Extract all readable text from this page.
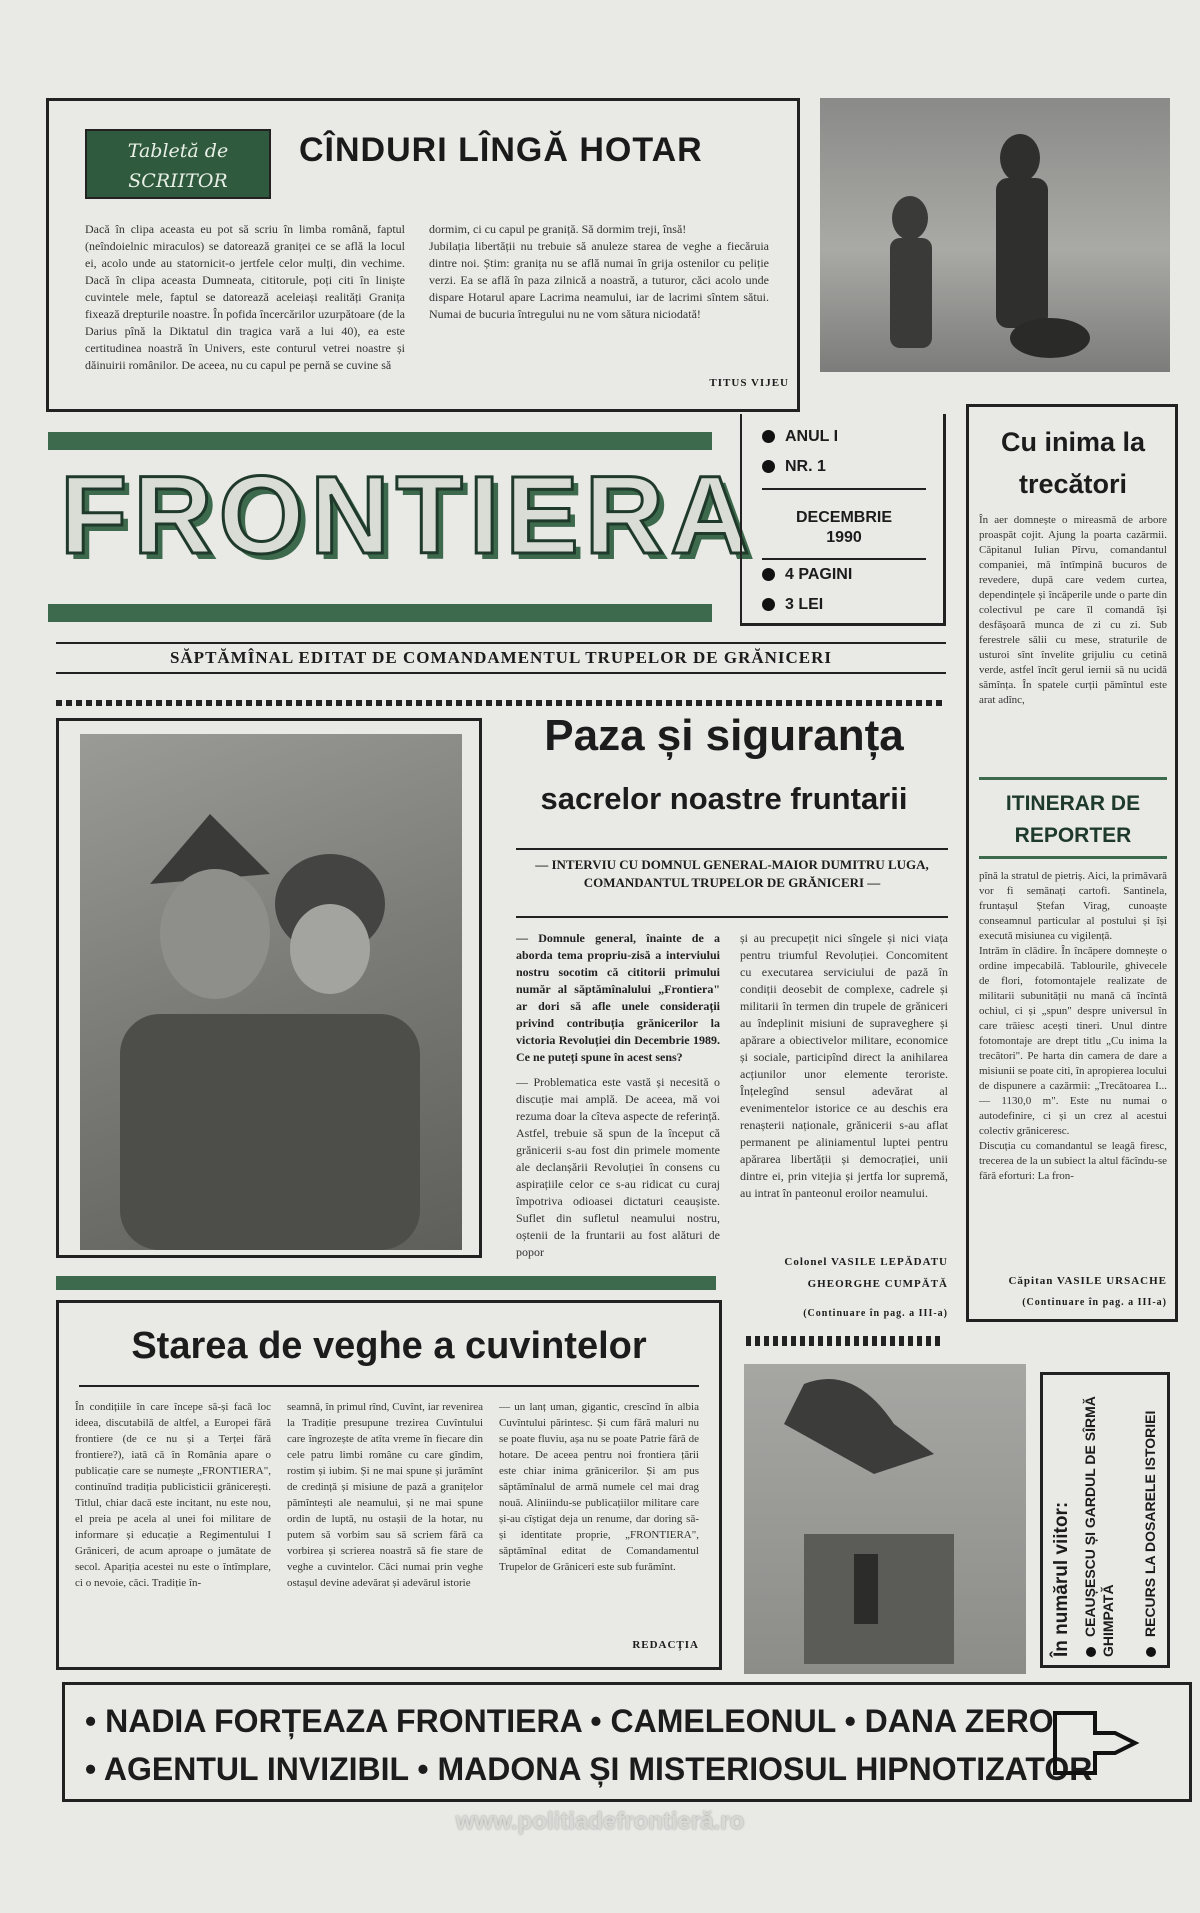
Tabletă de SCRIITOR
CÎNDURI LÎNGĂ HOTAR
Dacă în clipa aceasta eu pot să scriu în limba română, faptul (neîndoielnic miraculos) se datorează graniței ce se află la locul ei, acolo unde au statornicit-o jertfele celor mulți, din vechime. Dacă în clipa aceasta Dumneata, cititorule, poți citi în liniște cuvintele mele, faptul se datorează aceleiași realități Granița fixează drepturile noastre. În pofida încercărilor uzurpătoare (de la Darius pînă la Diktatul din tragica vară a lui 40), ea este certitudinea noastră în Univers, este conturul vetrei noastre și dăinuirii românilor. De aceea, nu cu capul pe pernă se cuvine să
dormim, ci cu capul pe graniță. Să dormim treji, însă!
Jubilația libertății nu trebuie să anuleze starea de veghe a fiecăruia dintre noi. Știm: granița nu se află numai în grija ostenilor cu peliție verzi. Ea se află în paza zilnică a noastră, a tuturor, căci acolo unde dispare Hotarul apare Lacrima neamului, iar de lacrimi sîntem sătui. Numai de bucuria întregului nu ne vom sătura niciodată!
TITUS VIJEU
FRONTIERA
ANUL I
NR. 1
DECEMBRIE 1990
4 PAGINI
3 LEI
SĂPTĂMÎNAL EDITAT DE COMANDAMENTUL TRUPELOR DE GRĂNICERI
Cu inima la trecători
În aer domnește o mireasmă de arbore proaspăt cojit. Ajung la poarta cazărmii. Căpitanul Iulian Pîrvu, comandantul companiei, mă întîmpină bucuros de revedere, după care vedem curtea, dependințele și încăperile unde o parte din colectivul pe care îl comandă își desfășoară munca de zi cu zi. Sub ferestrele sălii cu mese, straturile de usturoi sînt învelite grijuliu cu cetină verde, astfel încît gerul iernii să nu ucidă sămînța. În spatele curții pămîntul este arat adînc,
ITINERAR DE REPORTER
pînă la stratul de pietriș. Aici, la primăvară vor fi semănați cartofi. Santinela, fruntașul Ștefan Virag, cunoaște conseamnul particular al postului și își execută misiunea cu vigilență.
Intrăm în clădire. În încăpere domnește o ordine impecabilă. Tablourile, ghivecele de flori, fotomontajele realizate de militarii subunității nu mană că încîntă ochiul, ci și „spun" despre universul în care trăiesc acești tineri. Unul dintre fotomontaje are drept titlu „Cu inima la trecători". Pe harta din camera de dare a misiunii se poate citi, în apropierea locului de dispunere a cazărmii: „Trecătoarea I... — 1130,0 m". Este nu numai o autodefinire, ci și un crez al acestui colectiv grăniceresc.
Discuția cu comandantul se leagă firesc, trecerea de la un subiect la altul făcîndu-se fără eforturi: La fron-
Căpitan VASILE URSACHE
(Continuare în pag. a III-a)
Paza și siguranța
sacrelor noastre fruntarii
— INTERVIU CU DOMNUL GENERAL-MAIOR DUMITRU LUGA, COMANDANTUL TRUPELOR DE GRĂNICERI —
— Domnule general, înainte de a aborda tema propriu-zisă a interviului nostru socotim că cititorii primului număr al săptămînalului „Frontiera" ar dori să afle unele considerații privind contribuția grănicerilor la victoria Revoluției din Decembrie 1989. Ce ne puteți spune în acest sens?
— Problematica este vastă și necesită o discuție mai amplă. De aceea, mă voi rezuma doar la cîteva aspecte de referință. Astfel, trebuie să spun de la început că grănicerii s-au fost din primele momente ale declanșării Revoluției în consens cu aspirațiile celor ce s-au ridicat cu curaj împotriva odioasei dictaturi ceaușiste. Suflet din sufletul neamului nostru, oștenii de la fruntarii au fost alături de popor
și au precupețit nici sîngele și nici viața pentru triumful Revoluției. Concomitent cu executarea serviciului de pază în condiții deosebit de complexe, cadrele și militarii în termen din trupele de grăniceri au îndeplinit misiuni de supraveghere și apărare a obiectivelor militare, economice și sociale, participînd direct la anihilarea acțiunilor unor elemente teroriste. Înțelegînd sensul adevărat al evenimentelor istorice ce au deschis era renașterii naționale, grănicerii s-au aflat permanent pe aliniamentul luptei pentru apărarea libertății și democrației, unii dintre ei, prin vitejia și jertfa lor supremă, au intrat în panteonul eroilor neamului.
Colonel VASILE LEPĂDATU
GHEORGHE CUMPĂTĂ
(Continuare în pag. a III-a)
Starea de veghe a cuvintelor
În condițiile în care începe să-și facă loc ideea, discutabilă de altfel, a Europei fără frontiere (de ce nu și a Terței fără frontiere?), iată că în România apare o publicație care se numește „FRONTIERA", continuînd tradiția publicisticii grănicerești. Titlul, chiar dacă este incitant, nu este nou, el preia pe acela al unei foi militare de informare și educație a Regimentului I Grăniceri, de acum aproape o jumătate de secol. Apariția acestei nu este o întîmplare, ci o nevoie, căci. Tradiție în-
seamnă, în primul rînd, Cuvînt, iar revenirea la Tradiție presupune trezirea Cuvîntului care îngrozește de atîta vreme în fiecare din cele patru limbi române cu care gîndim, rostim și iubim. Și ne mai spune și jurămînt de credință și misiune de pază a granițelor pămîntești ale neamului, și ne mai spune ordin de luptă, nu ostașii de la hotar, nu putem să vorbim sau să scriem fără ca vorbirea și scrierea noastră să fie stare de veghe a cuvintelor. Căci numai prin veghe ostașul devine adevărat și adevărul istorie
— un lanț uman, gigantic, crescînd în albia Cuvîntului părintesc. Și cum fără maluri nu se poate fluviu, așa nu se poate Patrie fără de hotare. De aceea pentru noi frontiera țării este chiar inima grănicerilor. Și am pus săptămînalul de armă numele cel mai drag nouă. Aliniindu-se publicațiilor militare care și-au cîștigat deja un renume, dar doring să-și identitate proprie, „FRONTIERA", săptămînal editat de Comandamentul Trupelor de Grăniceri este sub furămînt.
REDACȚIA	În numărul viitor: CEAUȘESCU ȘI GARDUL DE SÎRMĂ GHIMPATĂ RECURS LA DOSARELE ISTORIEI
• NADIA FORȚEAZA FRONTIERA • CAMELEONUL • DANA ZERO
• AGENTUL INVIZIBIL • MADONA ȘI MISTERIOSUL HIPNOTIZATOR
www.politiadefrontieră.ro
